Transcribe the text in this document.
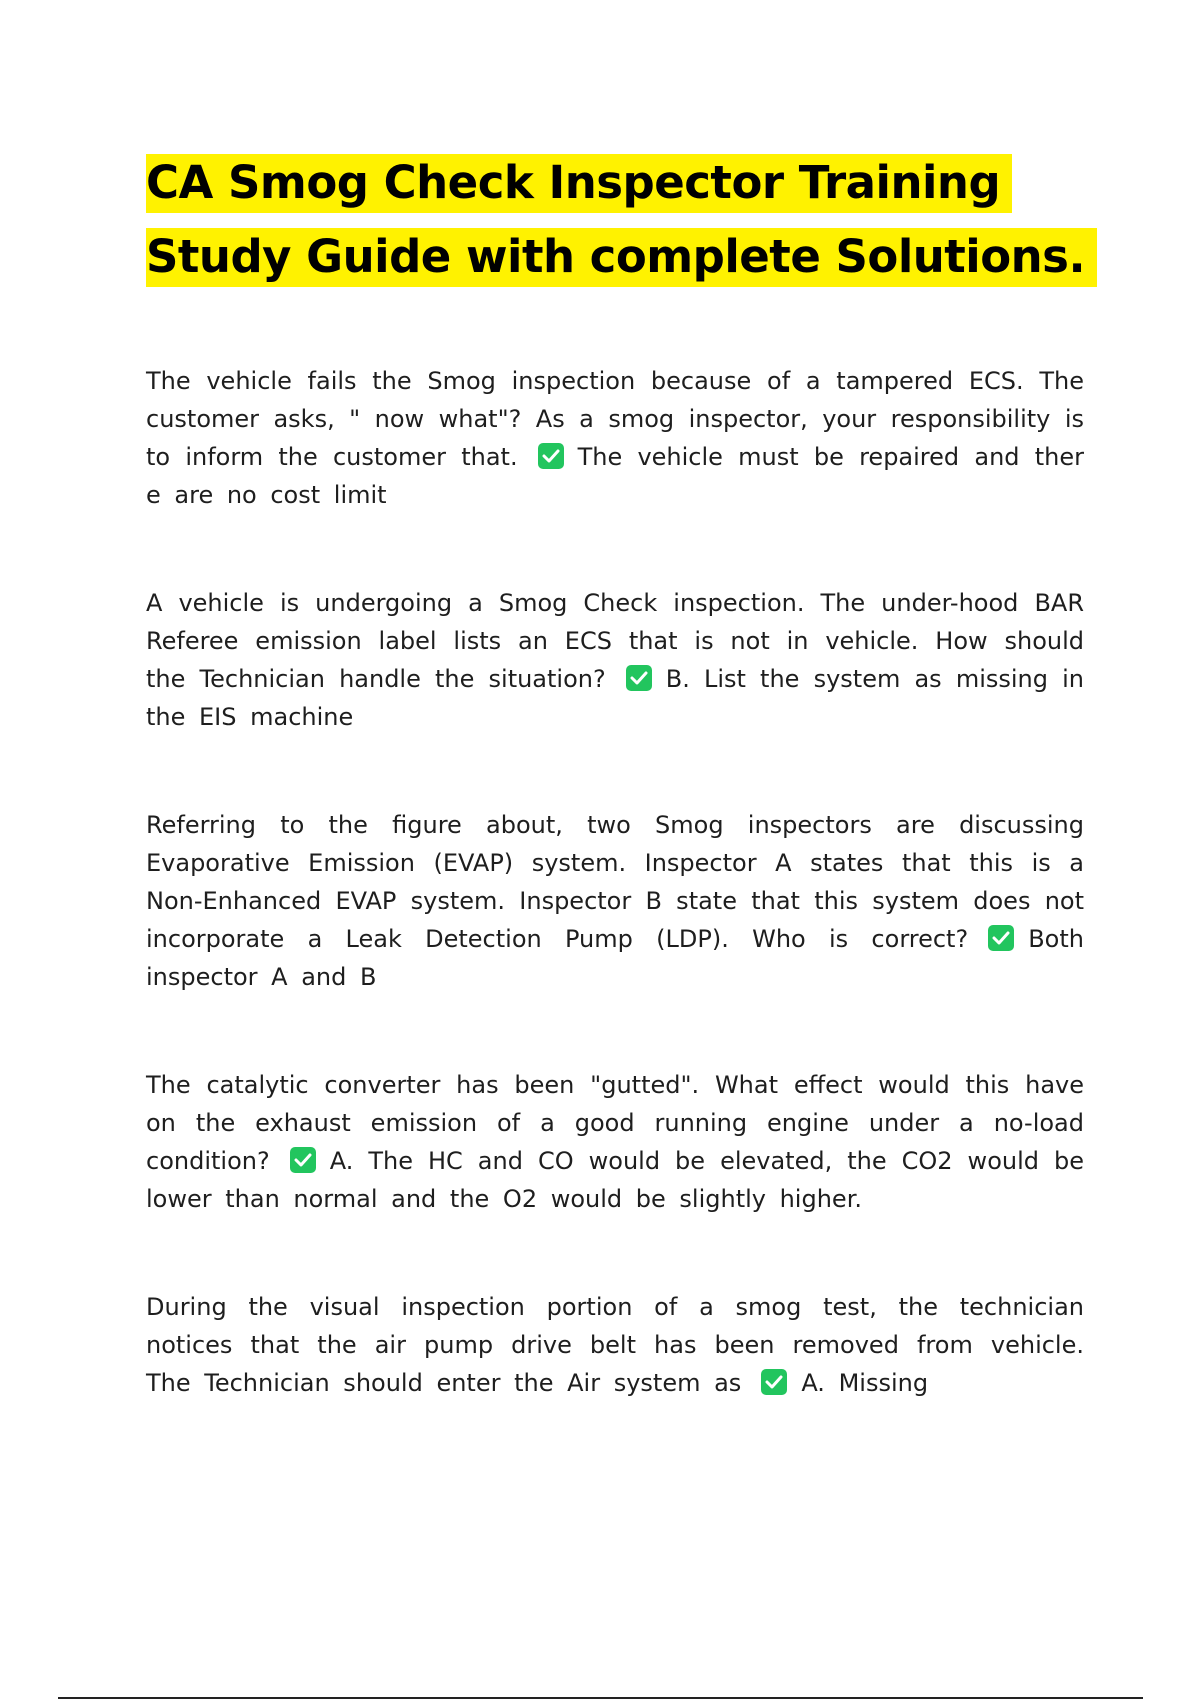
CA Smog Check Inspector Training Study Guide with complete Solutions.

The vehicle fails the Smog inspection because of a tampered ECS. The customer asks, " now what"? As a smog inspector, your responsibility is to inform the customer that.	The vehicle must be repaired and ther e are no cost limit

A vehicle is undergoing a Smog Check inspection. The under-hood BAR Referee emission label lists an ECS that is not in vehicle. How should the Technician handle the situation?	B. List the system as missing in the EIS machine

Referring to the figure about, two Smog inspectors are discussing Evaporative Emission (EVAP) system. Inspector A states that this is a Non-Enhanced EVAP system. Inspector B state that this system does not incorporate a Leak Detection Pump (LDP). Who is correct?	Both inspector A and B

The catalytic converter has been "gutted". What effect would this have on the exhaust emission of a good running engine under a no-load condition?	A. The HC and CO would be elevated, the CO2 would be lower than normal and the O2 would be slightly higher.

During the visual inspection portion of a smog test, the technician notices that the air pump drive belt has been removed from vehicle. The Technician should enter the Air system as	A. Missing
